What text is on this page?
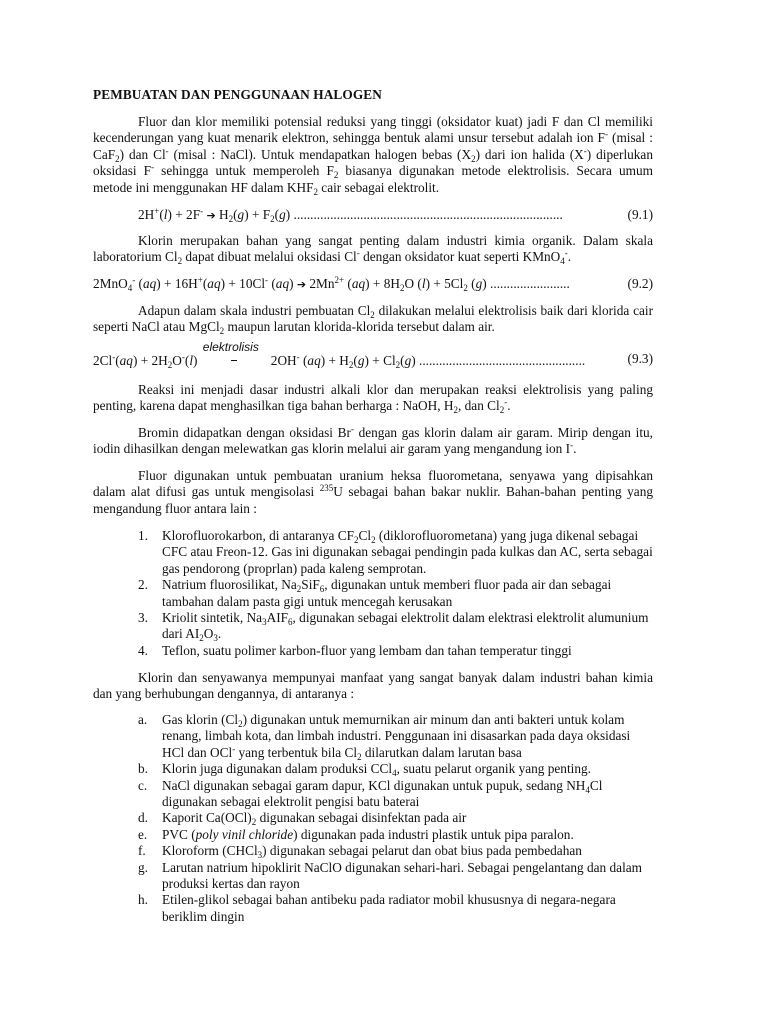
PEMBUATAN DAN PENGGUNAAN HALOGEN
Fluor dan klor memiliki potensial reduksi yang tinggi (oksidator kuat) jadi F dan Cl memiliki kecenderungan yang kuat menarik elektron, sehingga bentuk alami unsur tersebut adalah ion F- (misal : CaF$_2$) dan Cl- (misal : NaCl). Untuk mendapatkan halogen bebas $(X_2)$ dari ion halida (X-) diperlukan oksidasi F- sehingga untuk memperoleh $F_2$ biasanya digunakan metode elektrolisis. Secara umum metode ini menggunakan HF dalam $KHF_2$ cair sebagai elektrolit.
2H+(l) + 2F- ➔ $H_2(g) + F_2(g)$ .................................................................................	(9.1)
Klorin merupakan bahan yang sangat penting dalam industri kimia organik. Dalam skala laboratorium $Cl_2$ dapat dibuat melalui oksidasi Cl- dengan oksidator kuat seperti KMnO$_4$-.
2MnO$_4$- (aq) + 16H+(aq) + 10Cl- (aq) ➔ $2Mn^{2+}$ $(aq) + 8H_2O$ $(l) + 5Cl_2$ (g) ........................	(9.2)
Adapun dalam skala industri pembuatan $Cl_2$ dilakukan melalui elektrolisis baik dari klorida cair seperti NaCl atau MgCl$_2$ maupun larutan klorida-klorida tersebut dalam air.
$2Cl^-(aq) + 2H_2O^-(l)$
elektrolisis
2OH- $(aq) + H_2(g) + Cl_2(g)$ ..................................................	(9.3)
Reaksi ini menjadi dasar industri alkali klor dan merupakan reaksi elektrolisis yang paling penting, karena dapat menghasilkan tiga bahan berharga : NaOH, $H_2$, dan $Cl_2^-$.
Bromin didapatkan dengan oksidasi Br- dengan gas klorin dalam air garam. Mirip dengan itu, iodin dihasilkan dengan melewatkan gas klorin melalui air garam yang mengandung ion I-.
Fluor digunakan untuk pembuatan uranium heksa fluorometana, senyawa yang dipisahkan dalam alat difusi gas untuk mengisolasi $^{235}$U sebagai bahan bakar nuklir. Bahan-bahan penting yang mengandung fluor antara lain :
1. Klorofluorokarbon, di antaranya $CF_2Cl_2$ (diklorofluorometana) yang juga dikenal sebagai CFC atau Freon-12. Gas ini digunakan sebagai pendingin pada kulkas dan AC, serta sebagai gas pendorong (proprlan) pada kaleng semprotan.
2. Natrium fluorosilikat, $Na_2SiF_6$, digunakan untuk memberi fluor pada air dan sebagai tambahan dalam pasta gigi untuk mencegah kerusakan
3. Kriolit sintetik, $Na_3AIF_6$, digunakan sebagai elektrolit dalam elektrasi elektrolit alumunium dari $AI_2O_3$.
4. Teflon, suatu polimer karbon-fluor yang lembam dan tahan temperatur tinggi
Klorin dan senyawanya mempunyai manfaat yang sangat banyak dalam industri bahan kimia dan yang berhubungan dengannya, di antaranya :
a. Gas klorin $(Cl_2)$ digunakan untuk memurnikan air minum dan anti bakteri untuk kolam renang, limbah kota, dan limbah industri. Penggunaan ini disasarkan pada daya oksidasi HCl dan OCl- yang terbentuk bila $Cl_2$ dilarutkan dalam larutan basa
b. Klorin juga digunakan dalam produksi CCl$_4$, suatu pelarut organik yang penting.
c. NaCl digunakan sebagai garam dapur, KCl digunakan untuk pupuk, sedang $NH_4Cl$ digunakan sebagai elektrolit pengisi batu baterai
d. Kaporit $Ca(OCl)_2$ digunakan sebagai disinfektan pada air
e. PVC (poly vinil chloride) digunakan pada industri plastik untuk pipa paralon.
f. Kloroform (CHCl$_3$) digunakan sebagai pelarut dan obat bius pada pembedahan
g. Larutan natrium hipoklirit NaClO digunakan sehari-hari. Sebagai pengelantang dan dalam produksi kertas dan rayon
h. Etilen-glikol sebagai bahan antibeku pada radiator mobil khususnya di negara-negara beriklim dingin
